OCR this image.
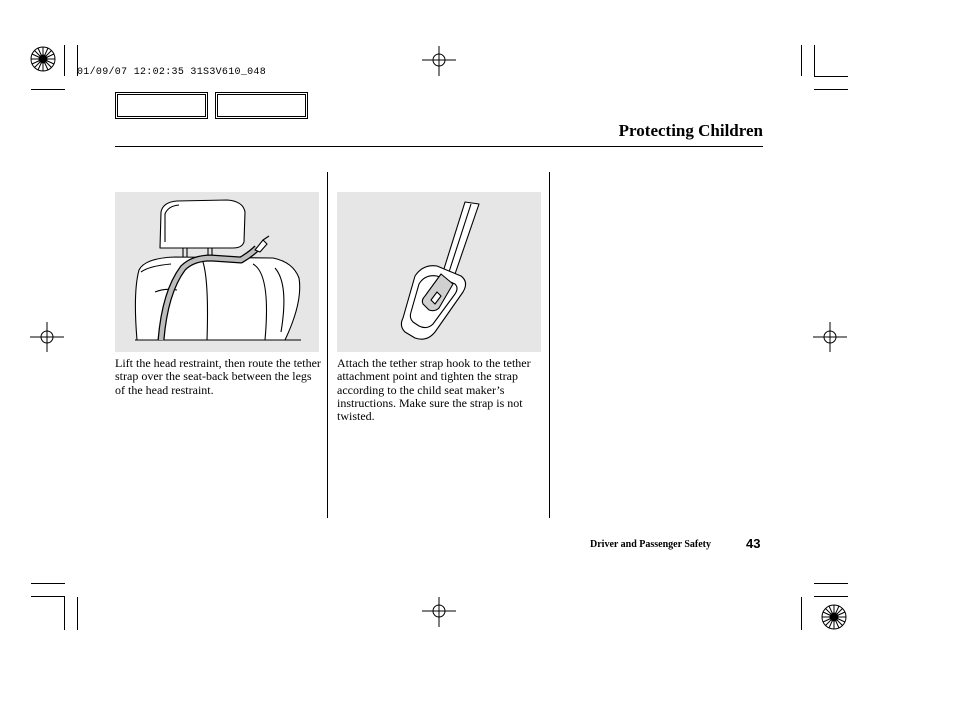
01/09/07 12:02:35 31S3V610_048
Protecting Children
Lift the head restraint, then route the tether strap over the seat-back between the legs of the head restraint.
Attach the tether strap hook to the tether attachment point and tighten the strap according to the child seat maker’s instructions. Make sure the strap is not twisted.
Driver and Passenger Safety	43
